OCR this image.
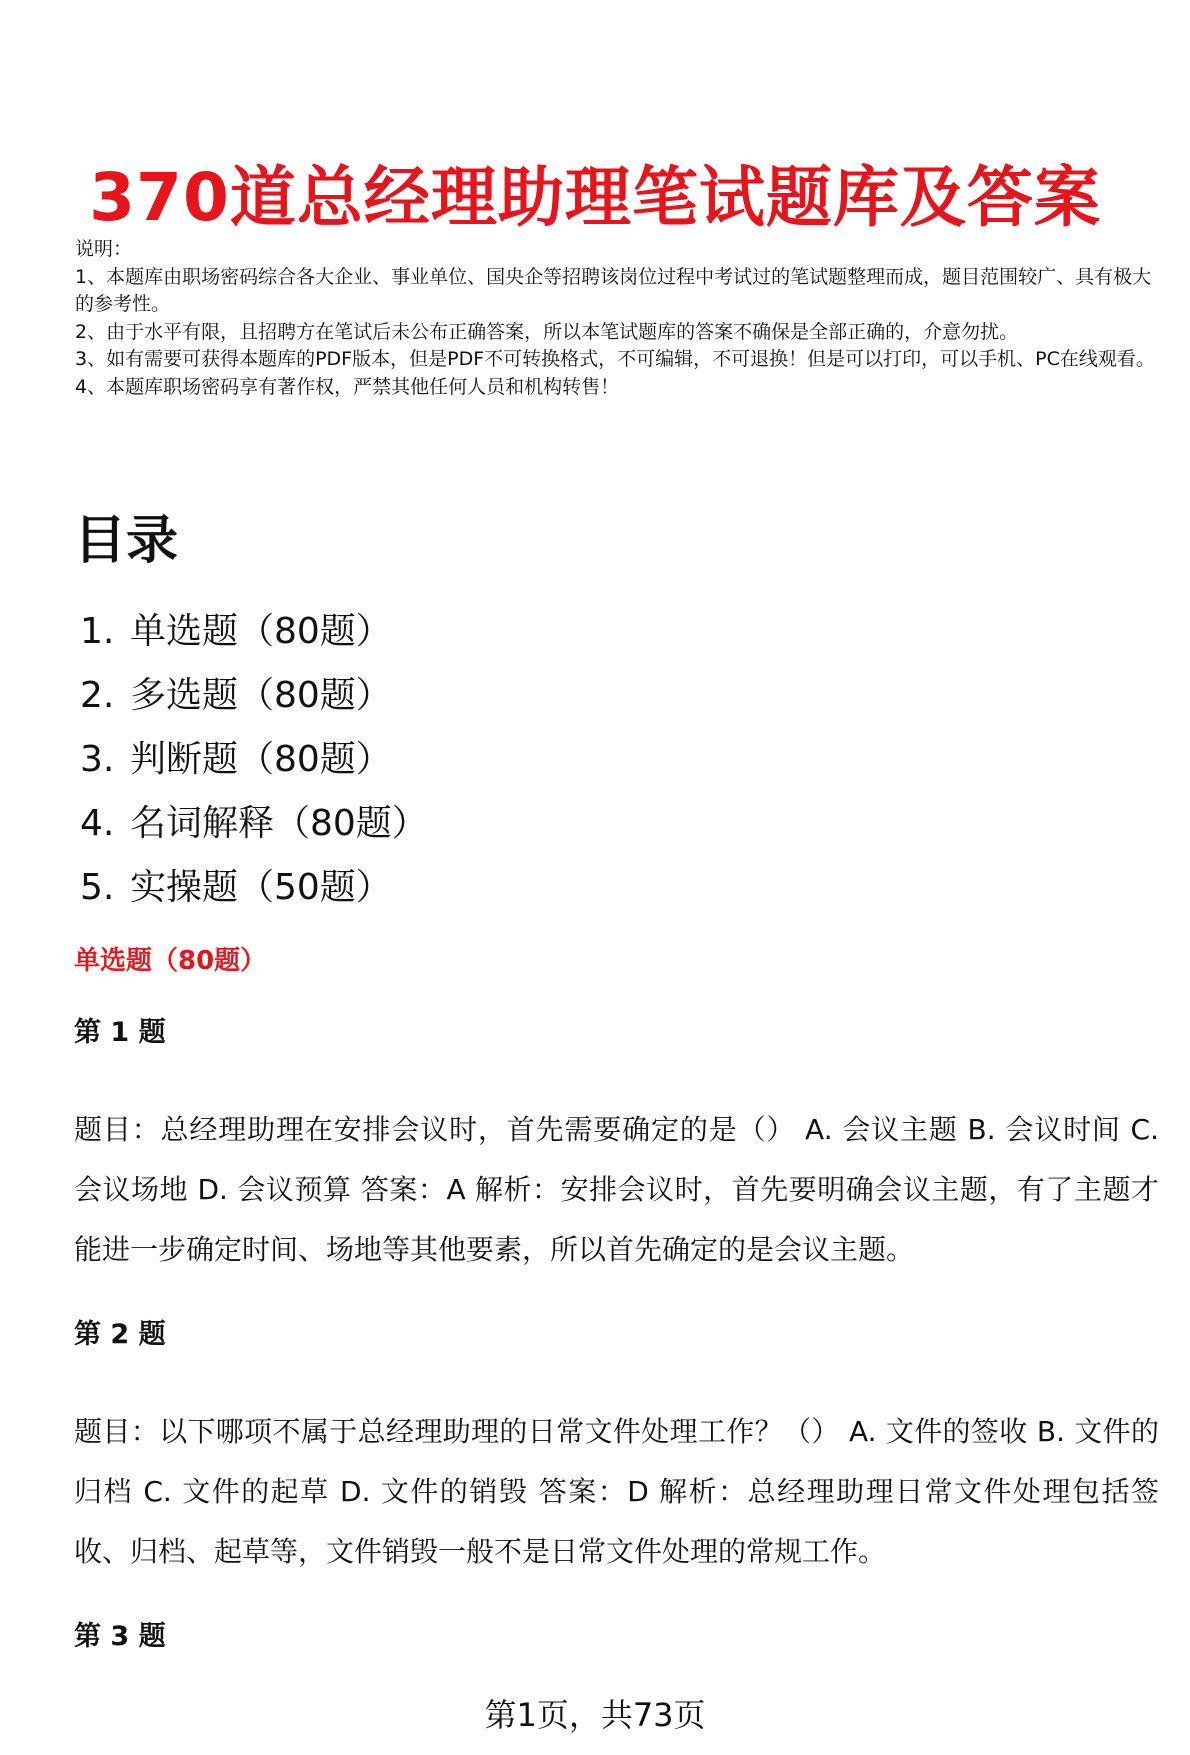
370道总经理助理笔试题库及答案

说明：

1、本题库由职场密码综合各大企业、事业单位、国央企等招聘该岗位过程中考试过的笔试题整理而成，题目范围较广、具有极大的参考性。

2、由于水平有限，且招聘方在笔试后未公布正确答案，所以本笔试题库的答案不确保是全部正确的，介意勿扰。

3、如有需要可获得本题库的PDF版本，但是PDF不可转换格式，不可编辑，不可退换！但是可以打印，可以手机、PC在线观看。

4、本题库职场密码享有著作权，严禁其他任何人员和机构转售！

目录
1. 单选题（80题）
2. 多选题（80题）
3. 判断题（80题）
4. 名词解释（80题）
5. 实操题（50题）
单选题（80题）
第 1 题

题目：总经理助理在安排会议时，首先需要确定的是（） A. 会议主题 B. 会议时间 C. 会议场地 D. 会议预算 答案：A 解析：安排会议时，首先要明确会议主题，有了主题才能进一步确定时间、场地等其他要素，所以首先确定的是会议主题。

第 2 题

题目：以下哪项不属于总经理助理的日常文件处理工作？（） A. 文件的签收 B. 文件的归档 C. 文件的起草 D. 文件的销毁 答案：D 解析：总经理助理日常文件处理包括签收、归档、起草等，文件销毁一般不是日常文件处理的常规工作。

第 3 题
第1页，共73页
